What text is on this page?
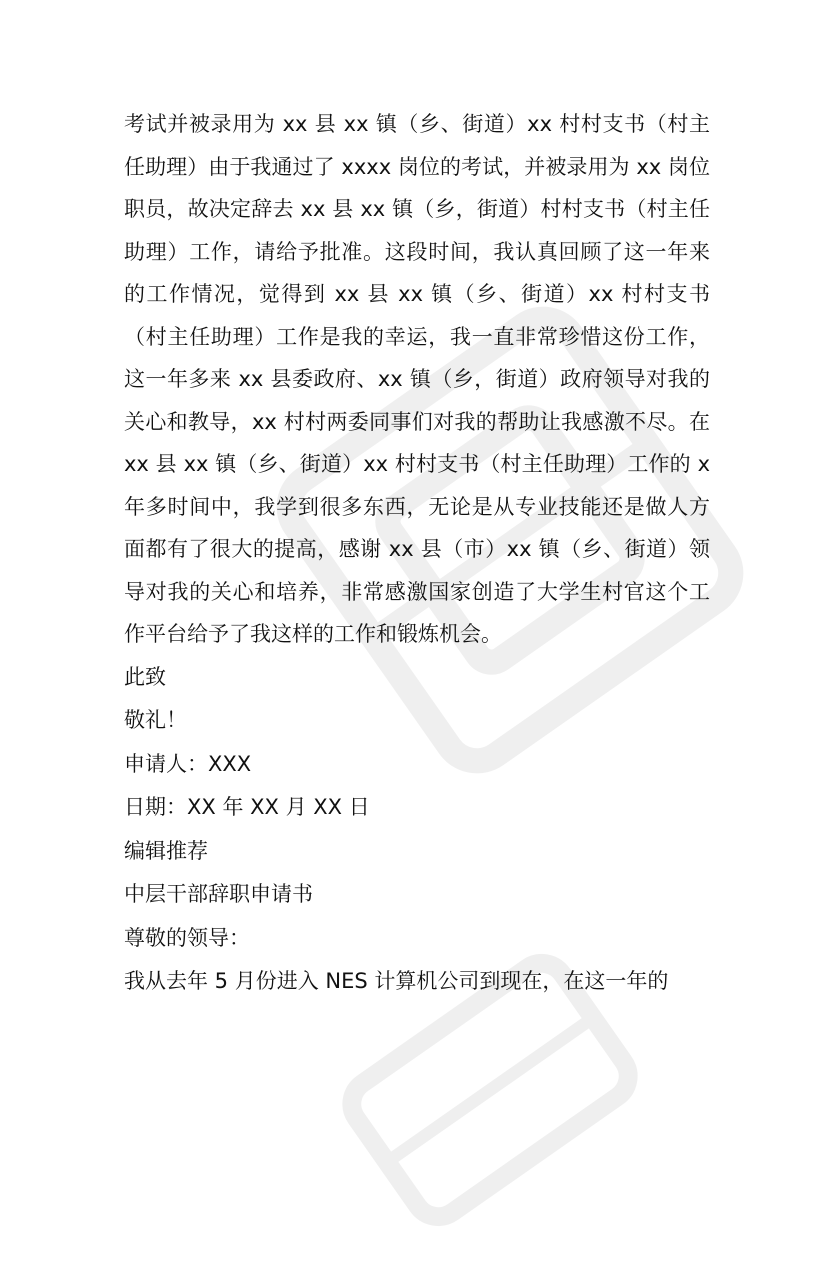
考试并被录用为 xx 县 xx 镇（乡、街道）xx 村村支书（村主任助理）由于我通过了 xxxx 岗位的考试，并被录用为 xx 岗位职员，故决定辞去 xx 县 xx 镇（乡，街道）村村支书（村主任助理）工作，请给予批准。这段时间，我认真回顾了这一年来的工作情况，觉得到 xx 县 xx 镇（乡、街道）xx 村村支书（村主任助理）工作是我的幸运，我一直非常珍惜这份工作，这一年多来 xx 县委政府、xx 镇（乡，街道）政府领导对我的关心和教导，xx 村村两委同事们对我的帮助让我感激不尽。在 xx 县 xx 镇（乡、街道）xx 村村支书（村主任助理）工作的 x 年多时间中，我学到很多东西，无论是从专业技能还是做人方面都有了很大的提高，感谢 xx 县（市）xx 镇（乡、街道）领导对我的关心和培养，非常感激国家创造了大学生村官这个工作平台给予了我这样的工作和锻炼机会。

此致

敬礼！

申请人：XXX

日期：XX 年 XX 月 XX 日

编辑推荐

中层干部辞职申请书

尊敬的领导：

我从去年 5 月份进入 NES 计算机公司到现在，在这一年的
